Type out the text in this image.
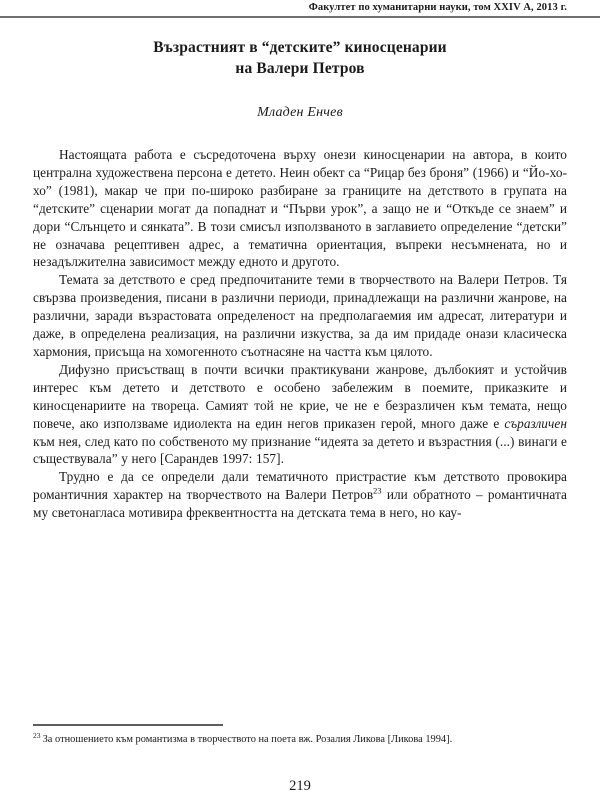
Факултет по хуманитарни науки, том XXIV А, 2013 г.
Възрастният в “детските” киносценарии
на Валери Петров

Младен Енчев

Настоящата работа е съсредоточена върху онези киносценарии на автора, в които централна художествена персона е детето. Неин обект са “Рицар без броня” (1966) и “Йо-хо-хо” (1981), макар че при по-широко разбиране за границите на детството в групата на “детските” сценарии могат да попаднат и “Първи урок”, а защо не и “Откъде се знаем” и дори “Слънцето и сянката”. В този смисъл използваното в заглавието определение “детски” не означава рецептивен адрес, а тематична ориентация, въпреки несъмнената, но и незадължителна зависимост между едното и другото.

Темата за детството е сред предпочитаните теми в творчеството на Валери Петров. Тя свързва произведения, писани в различни периоди, принадлежащи на различни жанрове, на различни, заради възрастовата определеност на предполагаемия им адресат, литератури и даже, в определена реализация, на различни изкуства, за да им придаде онази класическа хармония, присъща на хомогенното съотнасяне на частта към цялото.

Дифузно присъстващ в почти всички практикувани жанрове, дълбокият и устойчив интерес към детето и детството е особено забележим в поемите, приказките и киносценариите на твореца. Самият той не крие, че не е безразличен към темата, нещо повече, ако използваме идиолекта на един негов приказен герой, много даже е съразличен към нея, след като по собственото му признание “идеята за детето и възрастния (...) винаги е съществувала” у него [Сарандев 1997: 157].

Трудно е да се определи дали тематичното пристрастие към детството провокира романтичния характер на творчеството на Валери Петров$^{23}$ или обратното – романтичната му светонагласа мотивира фреквентността на детската тема в него, но кау-

$^{23}$ За отношението към романтизма в творчеството на поета вж. Розалия Ликова [Ликова 1994].
219
